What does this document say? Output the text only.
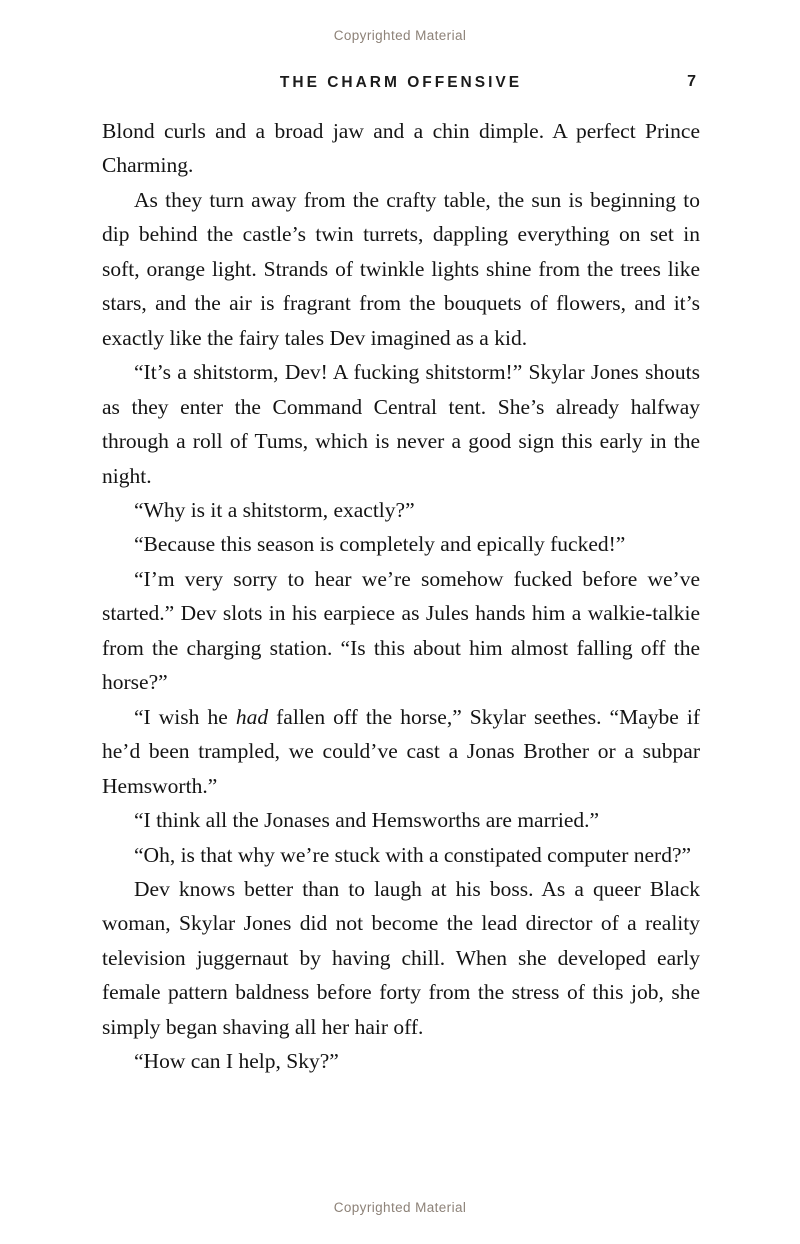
Copyrighted Material
THE CHARM OFFENSIVE	7

Blond curls and a broad jaw and a chin dimple. A perfect Prince Charming.

As they turn away from the crafty table, the sun is beginning to dip behind the castle’s twin turrets, dappling everything on set in soft, orange light. Strands of twinkle lights shine from the trees like stars, and the air is fragrant from the bouquets of flowers, and it’s exactly like the fairy tales Dev imagined as a kid.

“It’s a shitstorm, Dev! A fucking shitstorm!” Skylar Jones shouts as they enter the Command Central tent. She’s already halfway through a roll of Tums, which is never a good sign this early in the night.

“Why is it a shitstorm, exactly?”

“Because this season is completely and epically fucked!”

“I’m very sorry to hear we’re somehow fucked before we’ve started.” Dev slots in his earpiece as Jules hands him a walkie-talkie from the charging station. “Is this about him almost falling off the horse?”

“I wish he had fallen off the horse,” Skylar seethes. “Maybe if he’d been trampled, we could’ve cast a Jonas Brother or a subpar Hemsworth.”

“I think all the Jonases and Hemsworths are married.”

“Oh, is that why we’re stuck with a constipated computer nerd?”

Dev knows better than to laugh at his boss. As a queer Black woman, Skylar Jones did not become the lead director of a reality television juggernaut by having chill. When she developed early female pattern baldness before forty from the stress of this job, she simply began shaving all her hair off.

“How can I help, Sky?”

Copyrighted Material
